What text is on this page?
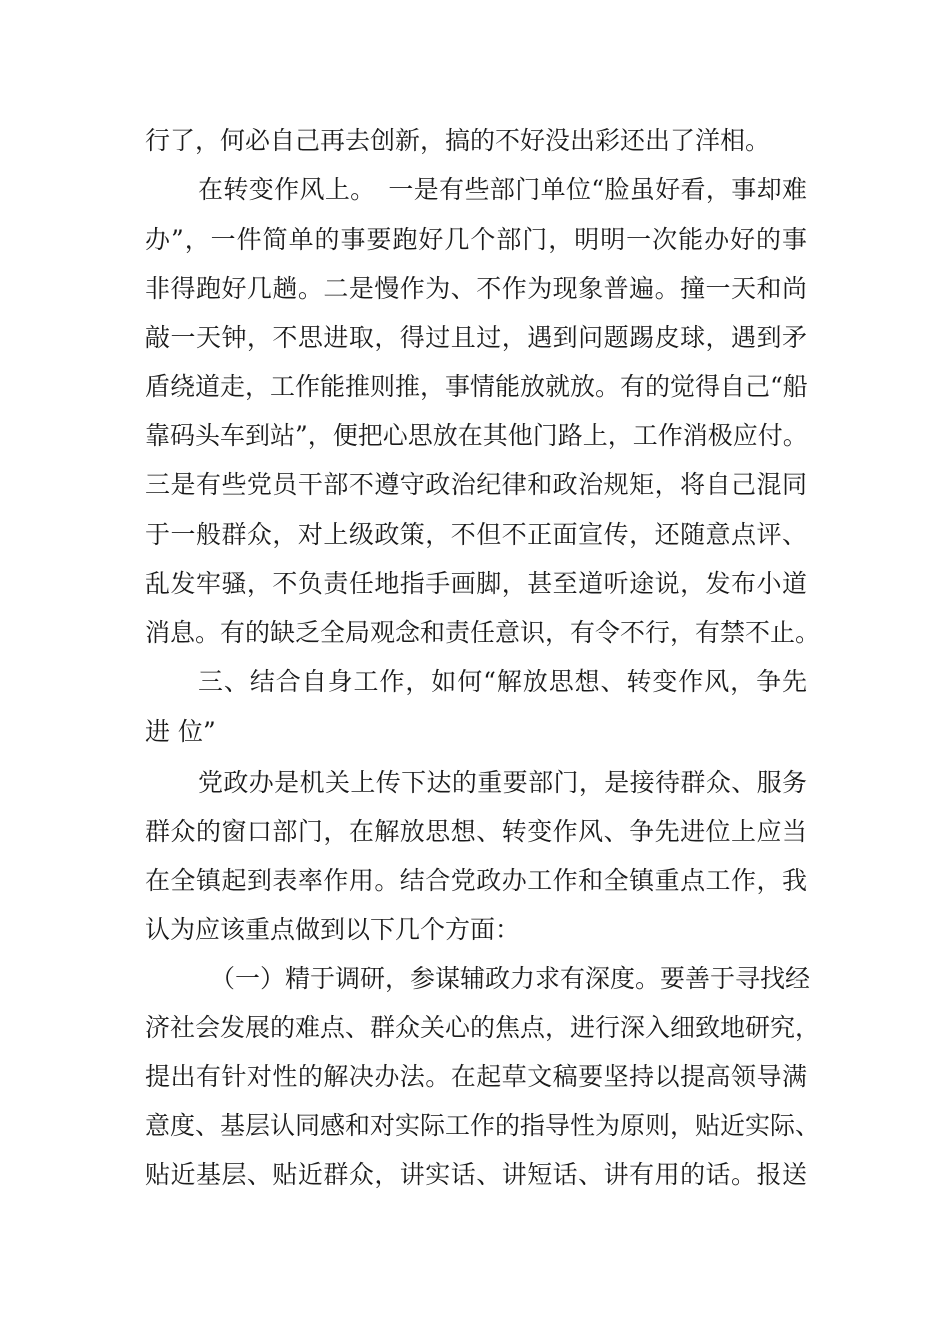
行了，何必自己再去创新，搞的不好没出彩还出了洋相。
在转变作风上。　一是有些部门单位“脸虽好看，事却难
办”，一件简单的事要跑好几个部门，明明一次能办好的事
非得跑好几趟。二是慢作为、不作为现象普遍。撞一天和尚
敲一天钟，不思进取，得过且过，遇到问题踢皮球，遇到矛
盾绕道走，工作能推则推，事情能放就放。有的觉得自己“船
靠码头车到站”，便把心思放在其他门路上，工作消极应付。
三是有些党员干部不遵守政治纪律和政治规矩，将自己混同
于一般群众，对上级政策，不但不正面宣传，还随意点评、
乱发牢骚，不负责任地指手画脚，甚至道听途说，发布小道
消息。有的缺乏全局观念和责任意识，有令不行，有禁不止。
三、结合自身工作，如何“解放思想、转变作风，争先
进 位”
党政办是机关上传下达的重要部门，是接待群众、服务
群众的窗口部门，在解放思想、转变作风、争先进位上应当
在全镇起到表率作用。结合党政办工作和全镇重点工作，我
认为应该重点做到以下几个方面：
（一）精于调研，参谋辅政力求有深度。要善于寻找经
济社会发展的难点、群众关心的焦点，进行深入细致地研究，
提出有针对性的解决办法。在起草文稿要坚持以提高领导满
意度、基层认同感和对实际工作的指导性为原则，贴近实际、
贴近基层、贴近群众，讲实话、讲短话、讲有用的话。报送
